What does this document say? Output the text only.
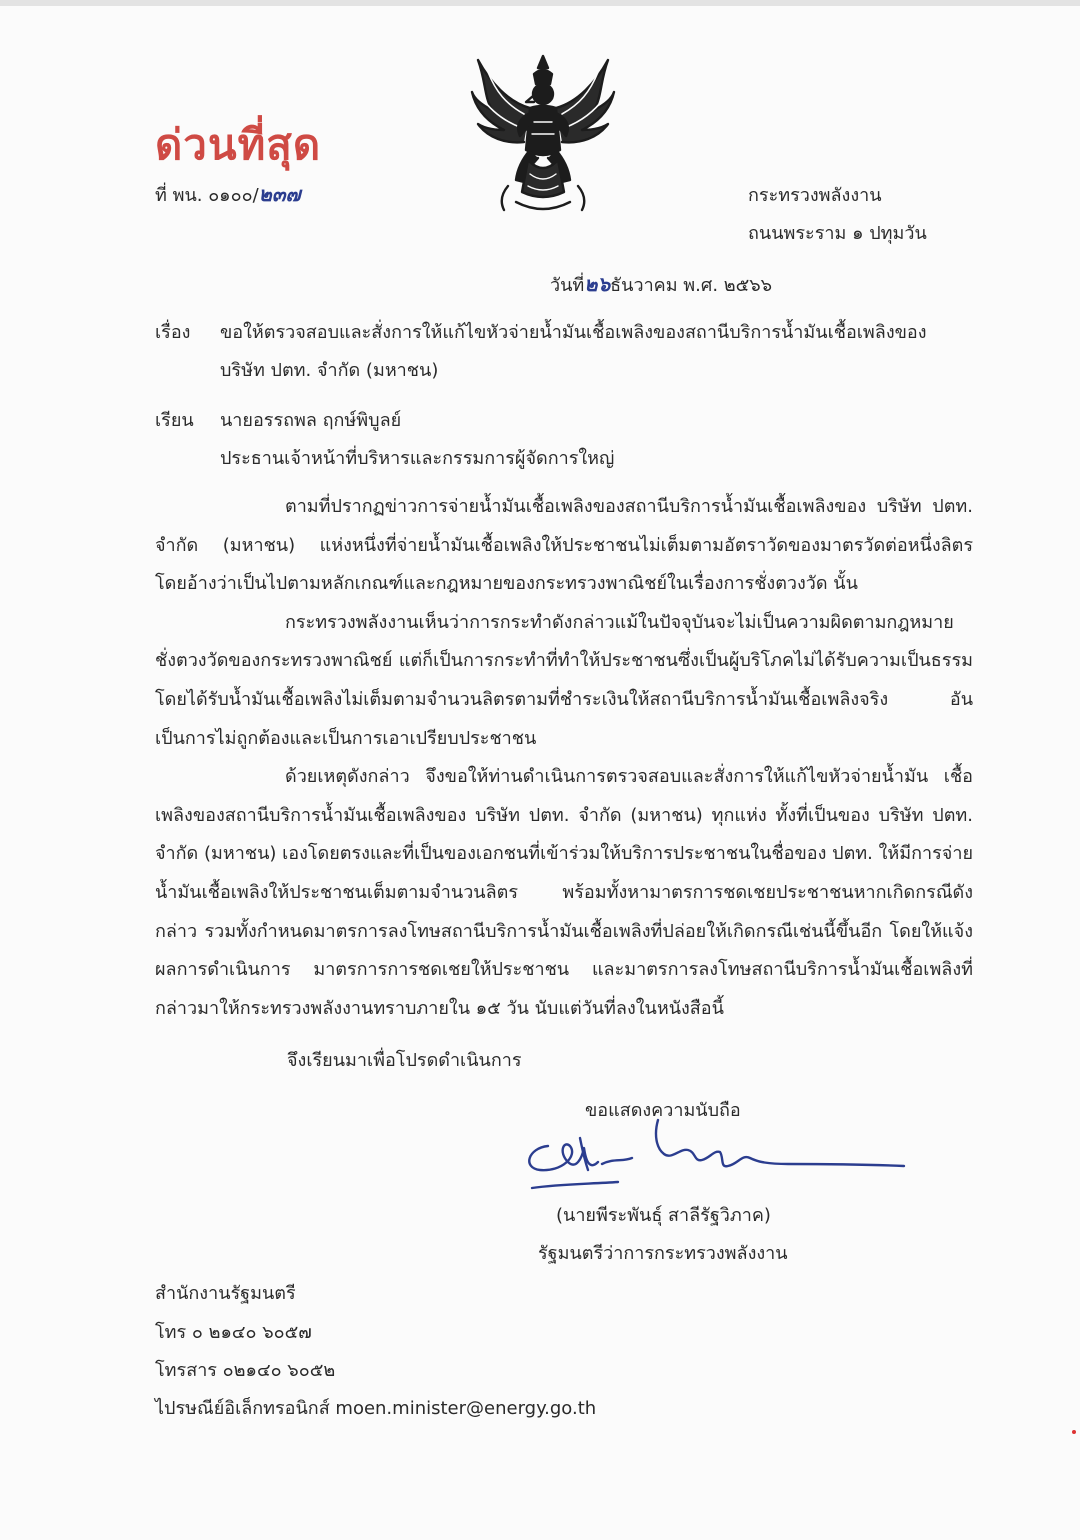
ด่วนที่สุด
ที่ พน. ๐๑๐๐/๒๓๗	กระทรวงพลังงาน
ถนนพระราม ๑ ปทุมวัน
วันที่๒๖ธันวาคม พ.ศ. ๒๕๖๖
เรื่อง ขอให้ตรวจสอบและสั่งการให้แก้ไขหัวจ่ายน้ำมันเชื้อเพลิงของสถานีบริการน้ำมันเชื้อเพลิงของ
บริษัท ปตท. จำกัด (มหาชน)
เรียน นายอรรถพล ฤกษ์พิบูลย์
ประธานเจ้าหน้าที่บริหารและกรรมการผู้จัดการใหญ่

ตามที่ปรากฏข่าวการจ่ายน้ำมันเชื้อเพลิงของสถานีบริการน้ำมันเชื้อเพลิงของ บริษัท ปตท. จำกัด (มหาชน) แห่งหนึ่งที่จ่ายน้ำมันเชื้อเพลิงให้ประชาชนไม่เต็มตามอัตราวัดของมาตรวัดต่อหนึ่งลิตร โดยอ้างว่าเป็นไปตามหลักเกณฑ์และกฎหมายของกระทรวงพาณิชย์ในเรื่องการชั่งตวงวัด นั้น

กระทรวงพลังงานเห็นว่าการกระทำดังกล่าวแม้ในปัจจุบันจะไม่เป็นความผิดตามกฎหมาย ชั่งตวงวัดของกระทรวงพาณิชย์ แต่ก็เป็นการกระทำที่ทำให้ประชาชนซึ่งเป็นผู้บริโภคไม่ได้รับความเป็นธรรม โดยได้รับน้ำมันเชื้อเพลิงไม่เต็มตามจำนวนลิตรตามที่ชำระเงินให้สถานีบริการน้ำมันเชื้อเพลิงจริง อันเป็นการไม่ถูกต้องและเป็นการเอาเปรียบประชาชน

ด้วยเหตุดังกล่าว จึงขอให้ท่านดำเนินการตรวจสอบและสั่งการให้แก้ไขหัวจ่ายน้ำมัน เชื้อเพลิงของสถานีบริการน้ำมันเชื้อเพลิงของ บริษัท ปตท. จำกัด (มหาชน) ทุกแห่ง ทั้งที่เป็นของ บริษัท ปตท. จำกัด (มหาชน) เองโดยตรงและที่เป็นของเอกชนที่เข้าร่วมให้บริการประชาชนในชื่อของ ปตท. ให้มีการจ่ายน้ำมันเชื้อเพลิงให้ประชาชนเต็มตามจำนวนลิตร พร้อมทั้งหามาตรการชดเชยประชาชนหากเกิดกรณีดังกล่าว รวมทั้งกำหนดมาตรการลงโทษสถานีบริการน้ำมันเชื้อเพลิงที่ปล่อยให้เกิดกรณีเช่นนี้ขึ้นอีก โดยให้แจ้งผลการดำเนินการ มาตรการการชดเชยให้ประชาชน และมาตรการลงโทษสถานีบริการน้ำมันเชื้อเพลิงที่กล่าวมาให้กระทรวงพลังงานทราบภายใน ๑๕ วัน นับแต่วันที่ลงในหนังสือนี้

จึงเรียนมาเพื่อโปรดดำเนินการ
ขอแสดงความนับถือ
(นายพีระพันธุ์ สาลีรัฐวิภาค)
รัฐมนตรีว่าการกระทรวงพลังงาน
สำนักงานรัฐมนตรี
โทร ๐ ๒๑๔๐ ๖๐๕๗
โทรสาร ๐๒๑๔๐ ๖๐๕๒
ไปรษณีย์อิเล็กทรอนิกส์ moen.minister@energy.go.th
